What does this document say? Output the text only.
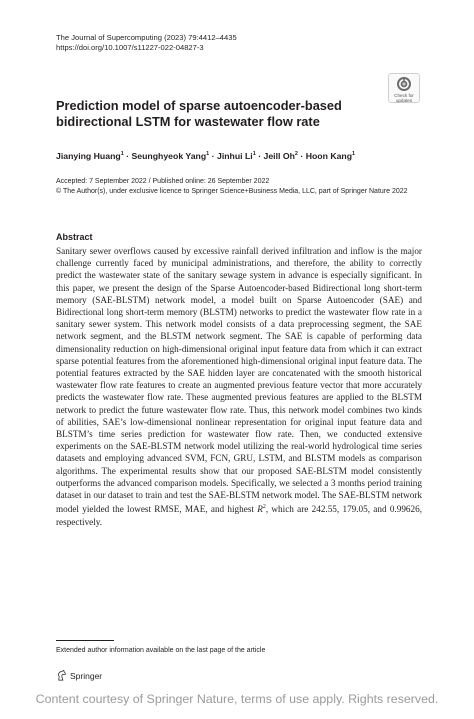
The Journal of Supercomputing (2023) 79:4412–4435
https://doi.org/10.1007/s11227-022-04827-3
Check for
updates
Prediction model of sparse autoencoder-based
bidirectional LSTM for wastewater flow rate
Jianying Huang$^1$ · Seunghyeok Yang$^1$ · Jinhui $Li^1$ · Jeill $Oh^2$ · Hoon Kang$^1$
Accepted: 7 September 2022 / Published online: 26 September 2022
© The Author(s), under exclusive licence to Springer Science+Business Media, LLC, part of Springer Nature 2022
Abstract
Sanitary sewer overflows caused by excessive rainfall derived infiltration and inflow is the major challenge currently faced by municipal administrations, and therefore, the ability to correctly predict the wastewater state of the sanitary sewage system in advance is especially significant. In this paper, we present the design of the Sparse Autoencoder-based Bidirectional long short-term memory (SAE-BLSTM) network model, a model built on Sparse Autoencoder (SAE) and Bidirectional long short-term memory (BLSTM) networks to predict the wastewater flow rate in a sanitary sewer system. This network model consists of a data preprocessing segment, the SAE network segment, and the BLSTM network segment. The SAE is capable of performing data dimensionality reduction on high-dimensional original input feature data from which it can extract sparse potential features from the aforementioned high-dimensional original input feature data. The potential features extracted by the SAE hidden layer are concatenated with the smooth historical wastewater flow rate features to create an augmented previous feature vector that more accurately predicts the wastewater flow rate. These augmented previous features are applied to the BLSTM network to predict the future wastewater flow rate. Thus, this network model combines two kinds of abilities, SAE’s low-dimensional nonlinear representation for original input feature data and BLSTM’s time series prediction for wastewater flow rate. Then, we conducted extensive experiments on the SAE-BLSTM network model utilizing the real-world hydrological time series datasets and employing advanced SVM, FCN, GRU, LSTM, and BLSTM models as comparison algorithms. The experimental results show that our proposed SAE-BLSTM model consistently outperforms the advanced comparison models. Specifically, we selected a 3 months period training dataset in our dataset to train and test the SAE-BLSTM network model. The SAE-BLSTM network model yielded the lowest RMSE, MAE, and highest $R^2$, which are 242.55, 179.05, and 0.99626, respectively.
Extended author information available on the last page of the article
Springer
Content courtesy of Springer Nature, terms of use apply. Rights reserved.
